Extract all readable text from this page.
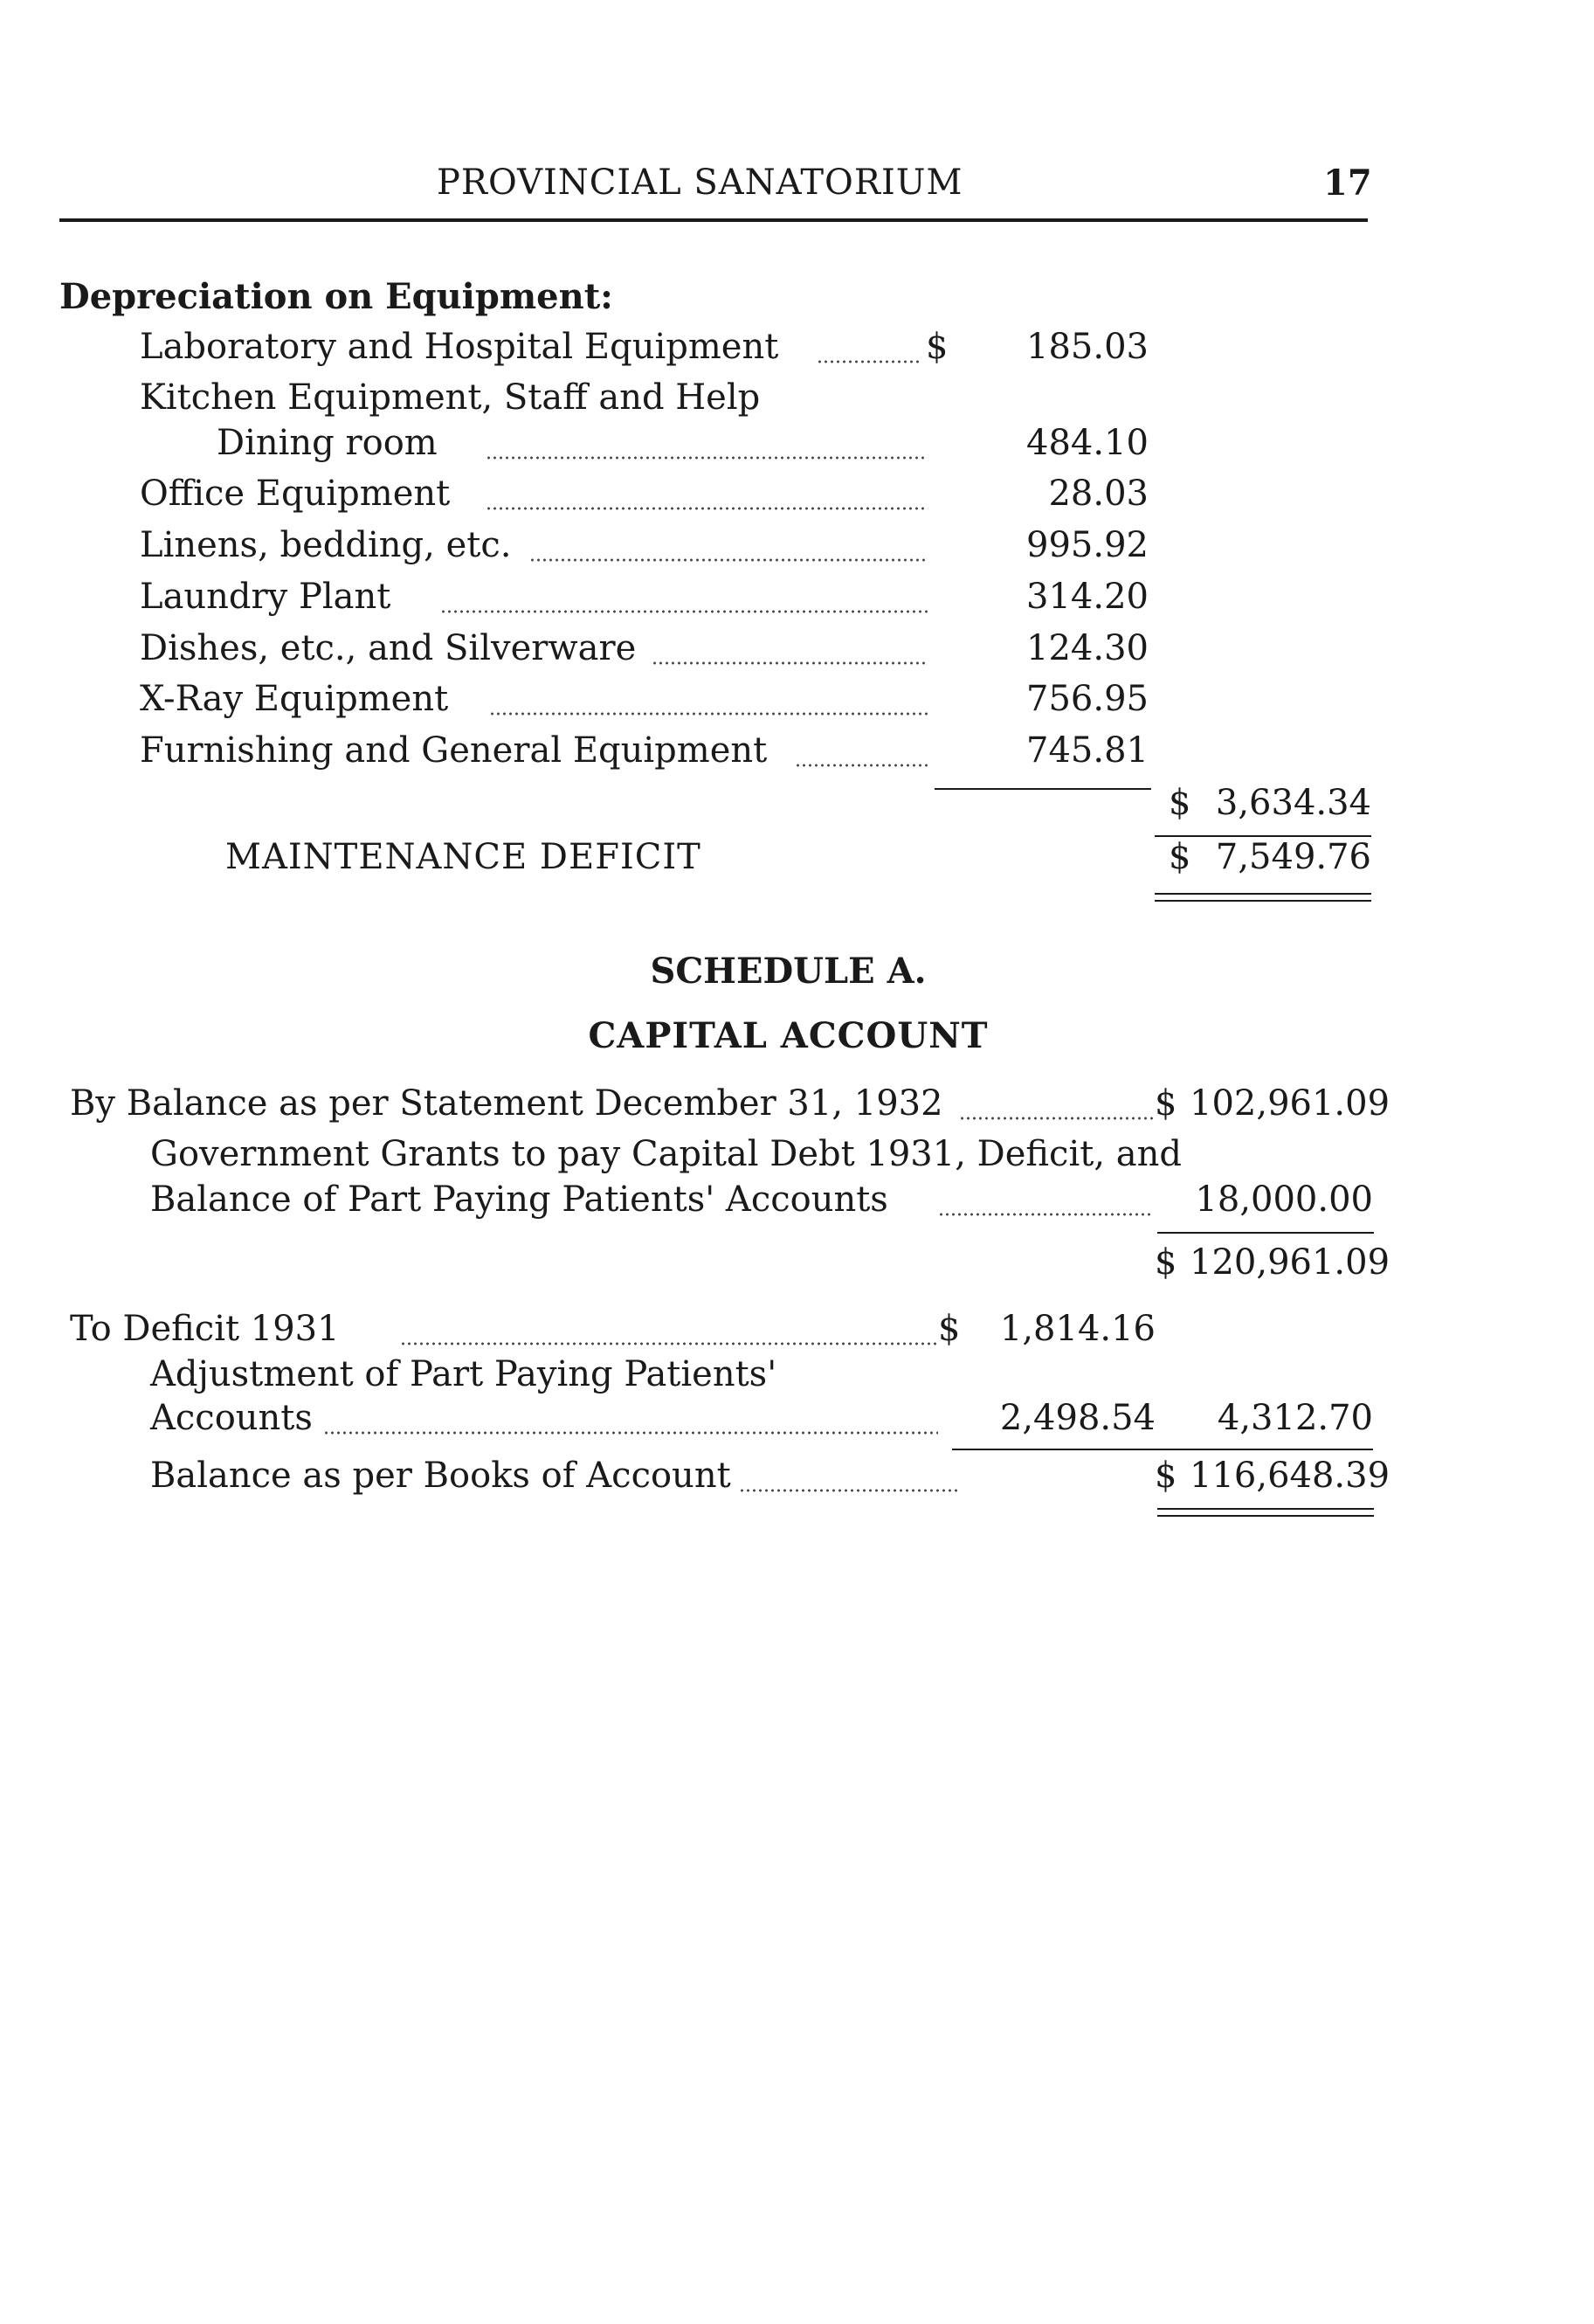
PROVINCIAL SANATORIUM	17
Depreciation on Equipment:
Laboratory and Hospital Equipment	$	185.03
Kitchen Equipment, Staff and Help
Dining room	484.10
Office Equipment	28.03
Linens, bedding, etc.	995.92
Laundry Plant	314.20
Dishes, etc., and Silverware	124.30
X-Ray Equipment	756.95
Furnishing and General Equipment	745.81
$ 3,634.34
MAINTENANCE DEFICIT	$ 7,549.76
SCHEDULE A.
CAPITAL ACCOUNT
By Balance as per Statement December 31, 1932	$ 102,961.09
Government Grants to pay Capital Debt 1931, Deficit, and
Balance of Part Paying Patients' Accounts	18,000.00
$ 120,961.09
To Deficit 1931	$	1,814.16
Adjustment of Part Paying Patients'
Accounts	2,498.54	4,312.70
Balance as per Books of Account	$ 116,648.39
